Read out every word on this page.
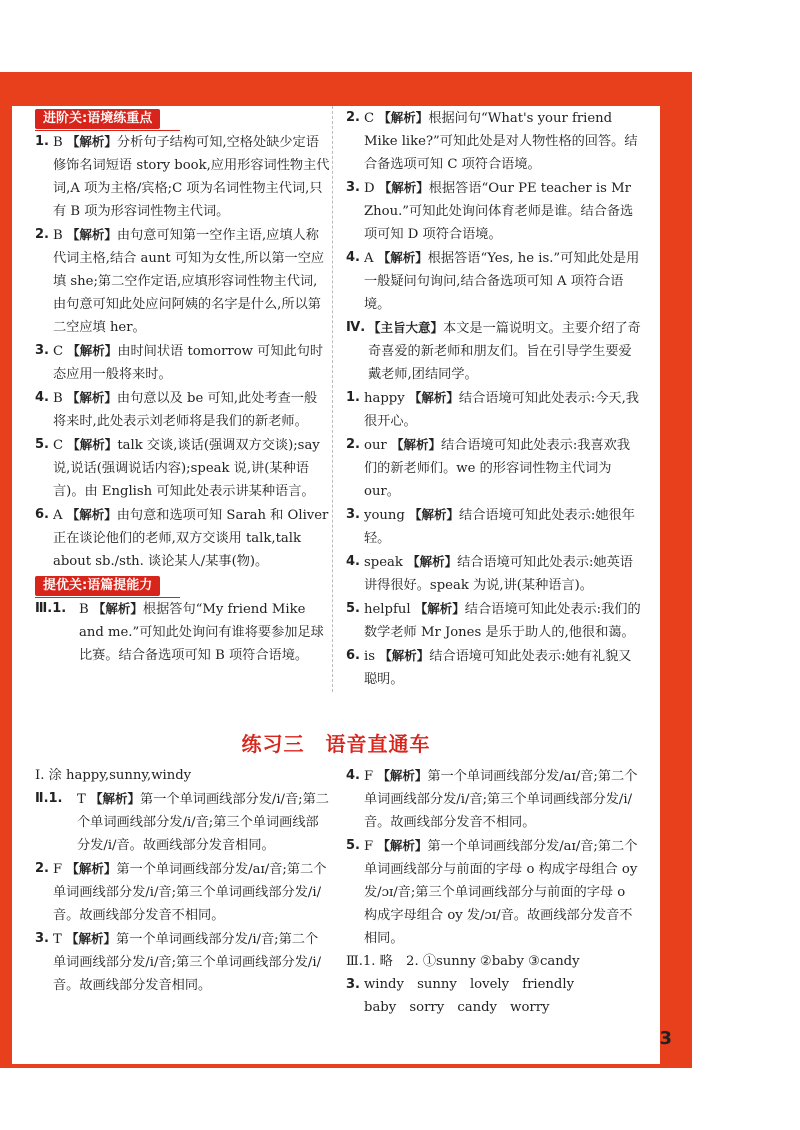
进阶关:语境练重点

1. B 【解析】分析句子结构可知,空格处缺少定语修饰名词短语 story book,应用形容词性物主代词,A 项为主格/宾格;C 项为名词性物主代词,只有 B 项为形容词性物主代词。

2. B 【解析】由句意可知第一空作主语,应填人称代词主格,结合 aunt 可知为女性,所以第一空应填 she;第二空作定语,应填形容词性物主代词,由句意可知此处应问阿姨的名字是什么,所以第二空应填 her。

3. C 【解析】由时间状语 tomorrow 可知此句时态应用一般将来时。

4. B 【解析】由句意以及 be 可知,此处考查一般将来时,此处表示刘老师将是我们的新老师。

5. C 【解析】talk 交谈,谈话(强调双方交谈);say 说,说话(强调说话内容);speak 说,讲(某种语言)。由 English 可知此处表示讲某种语言。

6. A 【解析】由句意和选项可知 Sarah 和 Oliver 正在谈论他们的老师,双方交谈用 talk,talk about sb./sth. 谈论某人/某事(物)。

提优关:语篇提能力

Ⅲ.1. B 【解析】根据答句“My friend Mike and me.”可知此处询问有谁将要参加足球比赛。结合备选项可知 B 项符合语境。

2. C 【解析】根据问句“What's your friend Mike like?”可知此处是对人物性格的回答。结合备选项可知 C 项符合语境。

3. D 【解析】根据答语“Our PE teacher is Mr Zhou.”可知此处询问体育老师是谁。结合备选项可知 D 项符合语境。

4. A 【解析】根据答语“Yes, he is.”可知此处是用一般疑问句询问,结合备选项可知 A 项符合语境。

Ⅳ. 【主旨大意】本文是一篇说明文。主要介绍了奇奇喜爱的新老师和朋友们。旨在引导学生要爱戴老师,团结同学。

1. happy 【解析】结合语境可知此处表示:今天,我很开心。

2. our 【解析】结合语境可知此处表示:我喜欢我们的新老师们。we 的形容词性物主代词为 our。

3. young 【解析】结合语境可知此处表示:她很年轻。

4. speak 【解析】结合语境可知此处表示:她英语讲得很好。speak 为说,讲(某种语言)。

5. helpful 【解析】结合语境可知此处表示:我们的数学老师 Mr Jones 是乐于助人的,他很和蔼。

6. is 【解析】结合语境可知此处表示:她有礼貌又聪明。

练习三　语音直通车

Ⅰ. 涂 happy,sunny,windy

Ⅱ.1. T 【解析】第一个单词画线部分发/i/音;第二个单词画线部分发/i/音;第三个单词画线部分发/i/音。故画线部分发音相同。

2. F 【解析】第一个单词画线部分发/aɪ/音;第二个单词画线部分发/i/音;第三个单词画线部分发/i/音。故画线部分发音不相同。

3. T 【解析】第一个单词画线部分发/i/音;第二个单词画线部分发/i/音;第三个单词画线部分发/i/音。故画线部分发音相同。

4. F 【解析】第一个单词画线部分发/aɪ/音;第二个单词画线部分发/i/音;第三个单词画线部分发/i/音。故画线部分发音不相同。

5. F 【解析】第一个单词画线部分发/aɪ/音;第二个单词画线部分与前面的字母 o 构成字母组合 oy 发/ɔɪ/音;第三个单词画线部分与前面的字母 o 构成字母组合 oy 发/ɔɪ/音。故画线部分发音不相同。

Ⅲ.1. 略　2. ①sunny ②baby ③candy

3. windy　sunny　lovely　friendly

baby　sorry　candy　worry

3
